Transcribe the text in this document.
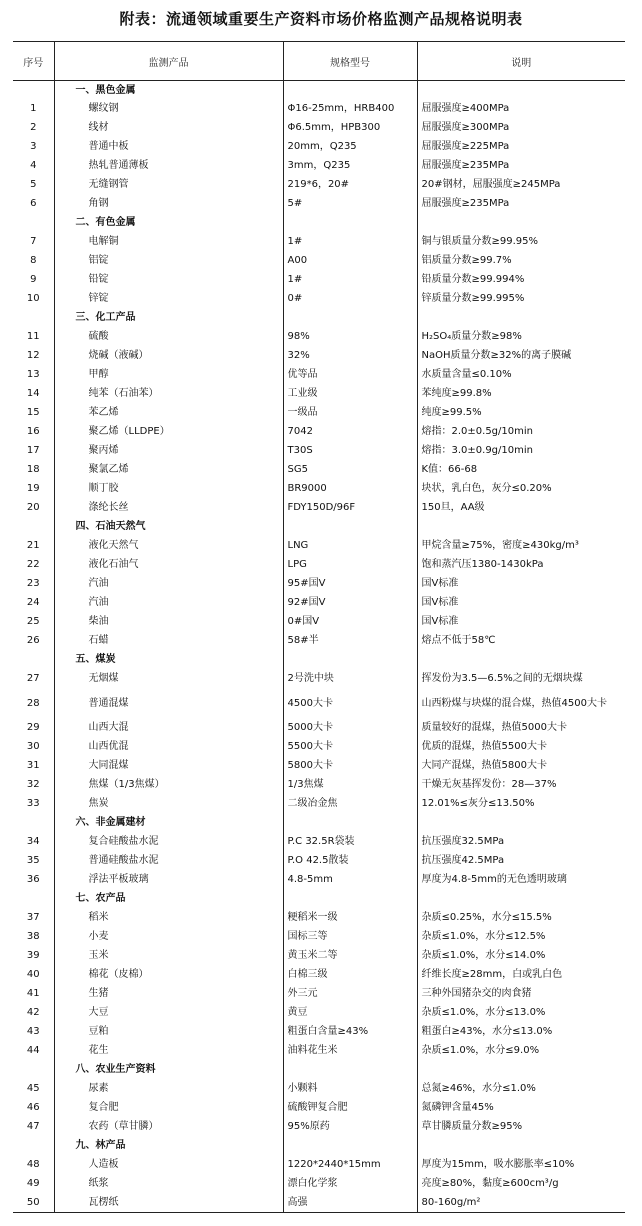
附表：流通领域重要生产资料市场价格监测产品规格说明表
序号	监测产品	规格型号	说明
	一、黑色金属		
1	螺纹钢	Φ16-25mm，HRB400	屈服强度≥400MPa
2	线材	Φ6.5mm，HPB300	屈服强度≥300MPa
3	普通中板	20mm，Q235	屈服强度≥225MPa
4	热轧普通薄板	3mm，Q235	屈服强度≥235MPa
5	无缝钢管	219*6，20#	20#钢材，屈服强度≥245MPa
6	角钢	5#	屈服强度≥235MPa
	二、有色金属		
7	电解铜	1#	铜与银质量分数≥99.95%
8	铝锭	A00	铝质量分数≥99.7%
9	铅锭	1#	铅质量分数≥99.994%
10	锌锭	0#	锌质量分数≥99.995%
	三、化工产品		
11	硫酸	98%	H₂SO₄质量分数≥98%
12	烧碱（液碱）	32%	NaOH质量分数≥32%的离子膜碱
13	甲醇	优等品	水质量含量≤0.10%
14	纯苯（石油苯）	工业级	苯纯度≥99.8%
15	苯乙烯	一级品	纯度≥99.5%
16	聚乙烯（LLDPE）	7042	熔指：2.0±0.5g/10min
17	聚丙烯	T30S	熔指：3.0±0.9g/10min
18	聚氯乙烯	SG5	K值：66-68
19	顺丁胶	BR9000	块状，乳白色，灰分≤0.20%
20	涤纶长丝	FDY150D/96F	150旦，AA级
	四、石油天然气		
21	液化天然气	LNG	甲烷含量≥75%，密度≥430kg/m³
22	液化石油气	LPG	饱和蒸汽压1380-1430kPa
23	汽油	95#国Ⅴ	国Ⅴ标准
24	汽油	92#国Ⅴ	国Ⅴ标准
25	柴油	0#国Ⅴ	国Ⅴ标准
26	石蜡	58#半	熔点不低于58℃
	五、煤炭		
27	无烟煤	2号洗中块	挥发份为3.5—6.5%之间的无烟块煤
28	普通混煤	4500大卡	山西粉煤与块煤的混合煤，热值4500大卡
29	山西大混	5000大卡	质量较好的混煤，热值5000大卡
30	山西优混	5500大卡	优质的混煤，热值5500大卡
31	大同混煤	5800大卡	大同产混煤，热值5800大卡
32	焦煤（1/3焦煤）	1/3焦煤	干燥无灰基挥发份：28—37%
33	焦炭	二级冶金焦	12.01%≤灰分≤13.50%
	六、非金属建材		
34	复合硅酸盐水泥	P.C 32.5R袋装	抗压强度32.5MPa
35	普通硅酸盐水泥	P.O 42.5散装	抗压强度42.5MPa
36	浮法平板玻璃	4.8-5mm	厚度为4.8-5mm的无色透明玻璃
	七、农产品		
37	稻米	粳稻米一级	杂质≤0.25%，水分≤15.5%
38	小麦	国标三等	杂质≤1.0%，水分≤12.5%
39	玉米	黄玉米二等	杂质≤1.0%，水分≤14.0%
40	棉花（皮棉）	白棉三级	纤维长度≥28mm，白或乳白色
41	生猪	外三元	三种外国猪杂交的肉食猪
42	大豆	黄豆	杂质≤1.0%，水分≤13.0%
43	豆粕	粗蛋白含量≥43%	粗蛋白≥43%，水分≤13.0%
44	花生	油料花生米	杂质≤1.0%，水分≤9.0%
	八、农业生产资料		
45	尿素	小颗料	总氮≥46%，水分≤1.0%
46	复合肥	硫酸钾复合肥	氮磷钾含量45%
47	农药（草甘膦）	95%原药	草甘膦质量分数≥95%
	九、林产品		
48	人造板	1220*2440*15mm	厚度为15mm，吸水膨胀率≤10%
49	纸浆	漂白化学浆	亮度≥80%，黏度≥600cm³/g
50	瓦楞纸	高强	80-160g/m²
